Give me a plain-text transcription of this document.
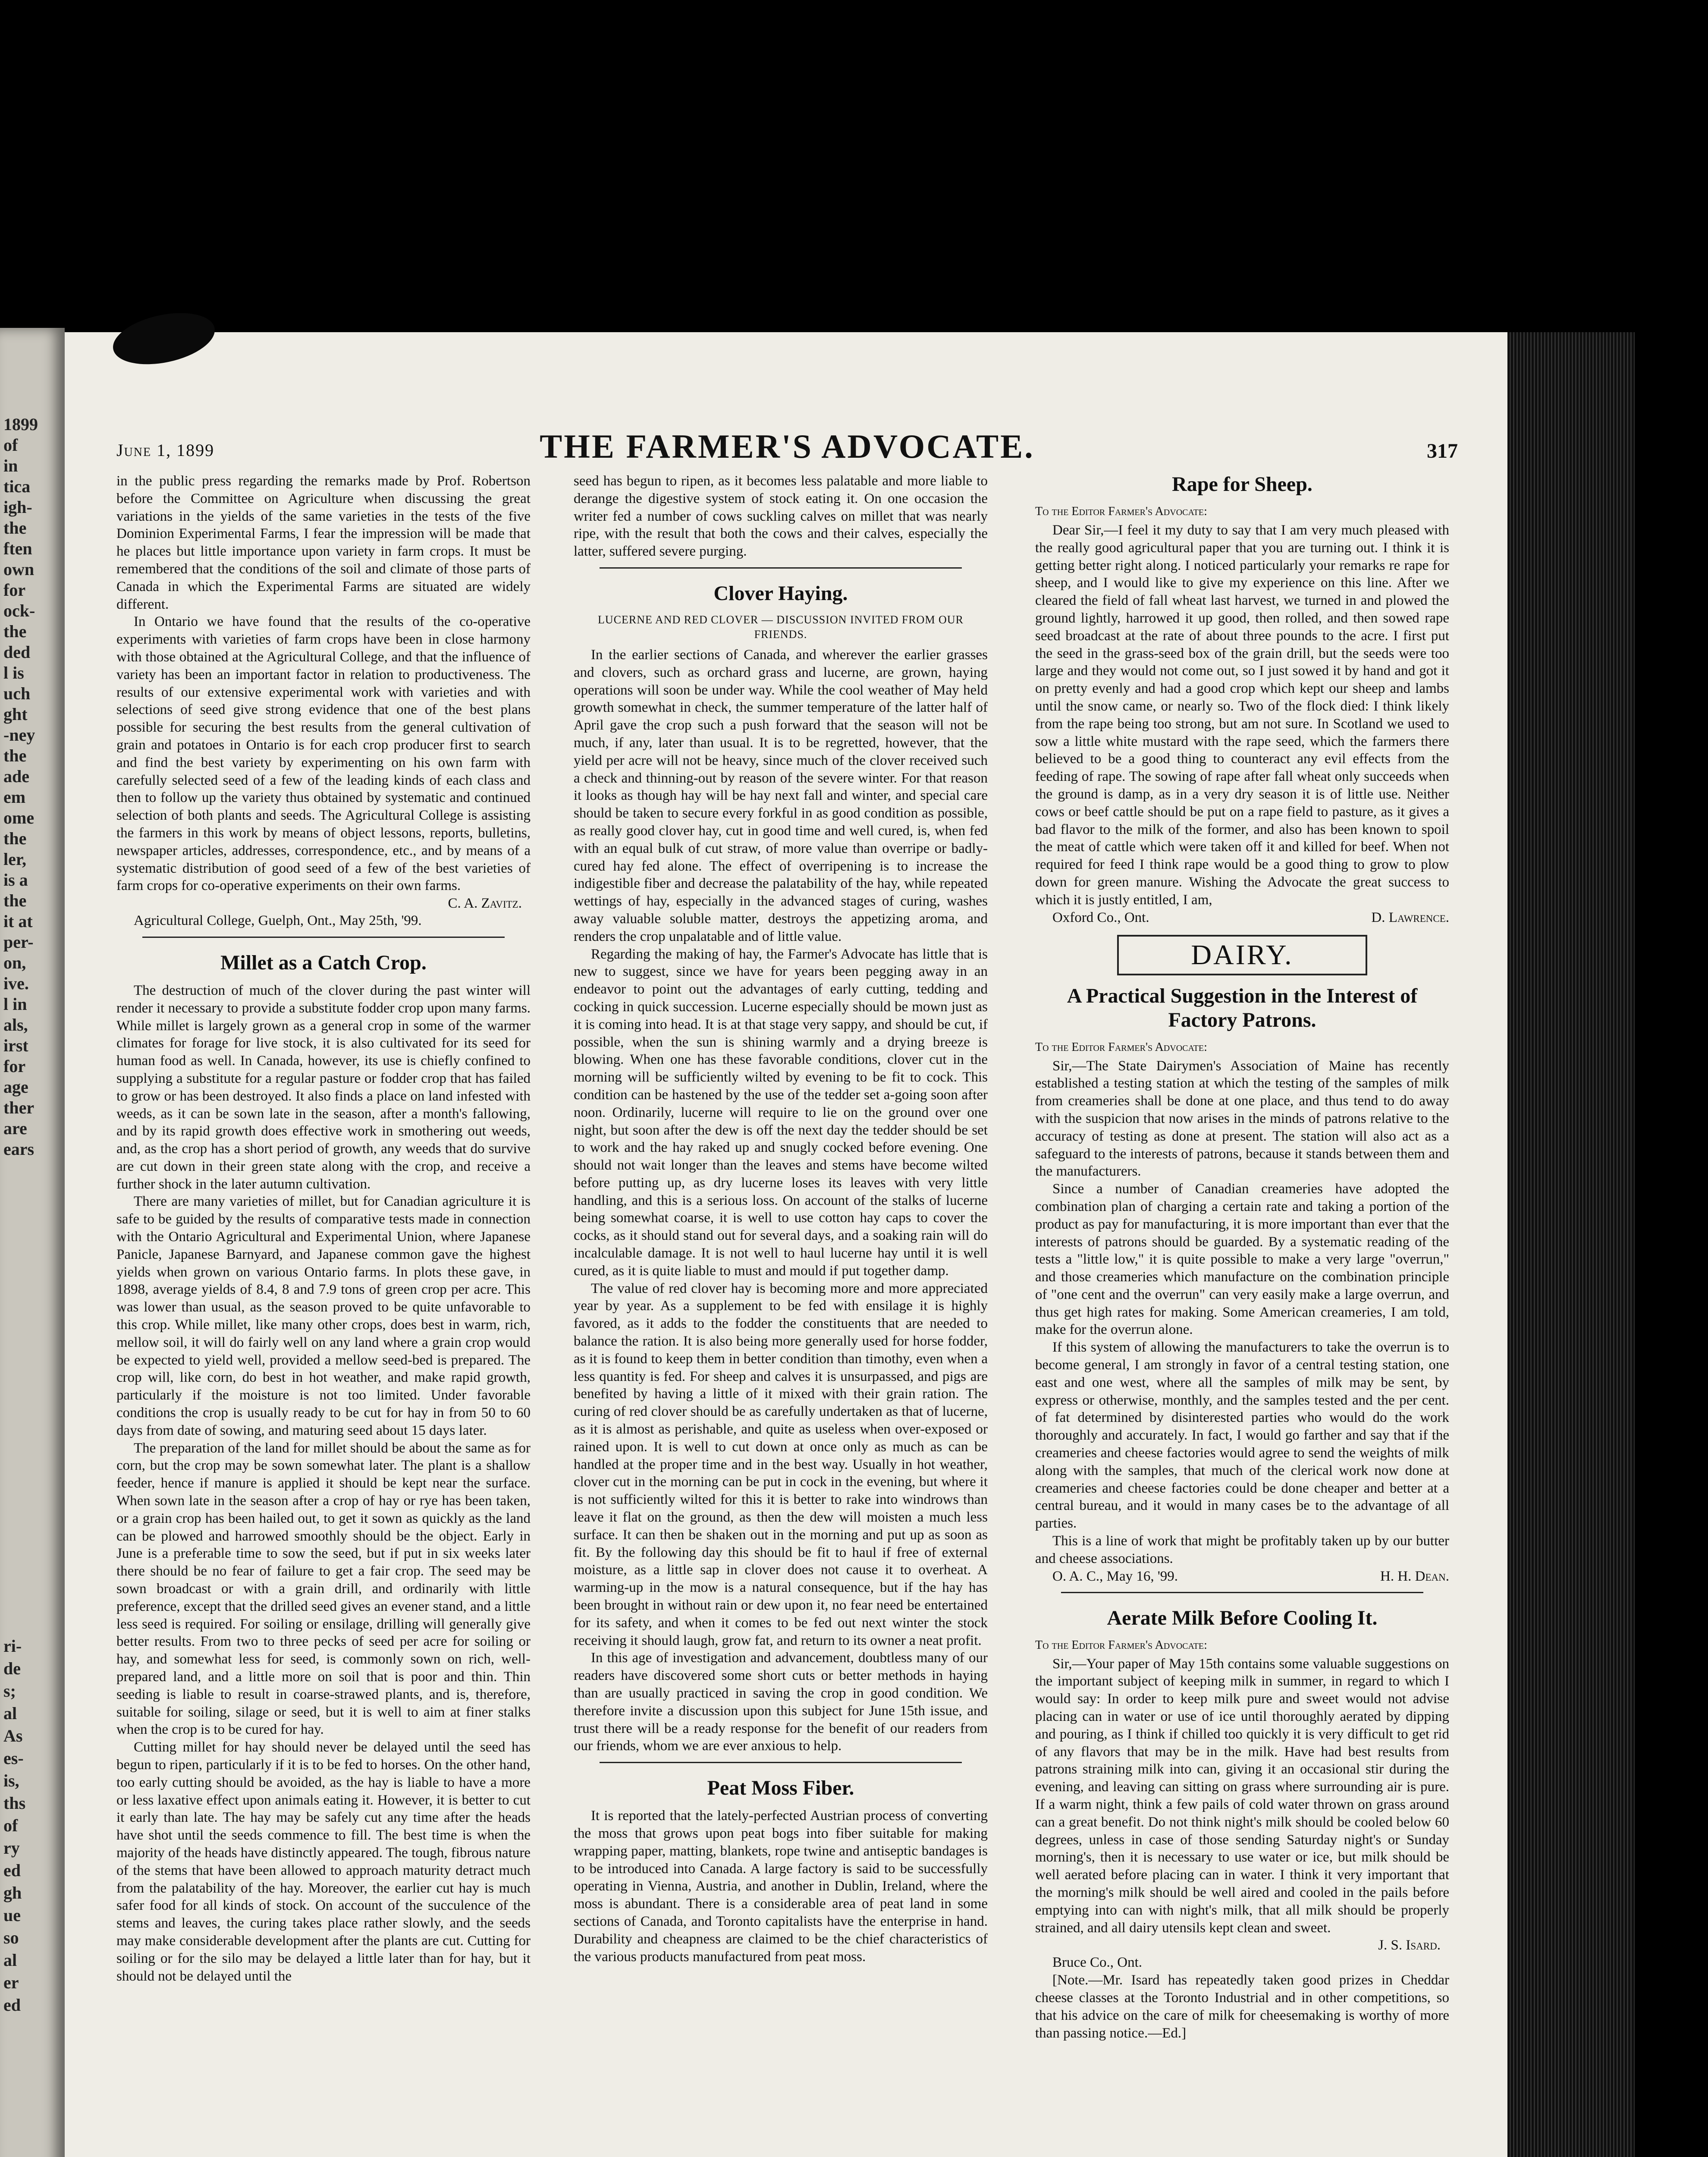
1899
of
in
tica
igh-
the
ften
own
for
ock-
the
ded
l is
uch
ght
-ney
the
ade
em
ome
the
ler,
is a
the
it at
per-
on,
ive.
l in
als,
irst
for
age
ther
are
ears
ri-
de
s;
al
As
es-
is,
ths
of
ry
ed
gh
ue
so
al
er
ed
June 1, 1899	THE FARMER'S ADVOCATE.	317

in the public press regarding the remarks made by Prof. Robertson before the Committee on Agriculture when discussing the great variations in the yields of the same varieties in the tests of the five Dominion Experimental Farms, I fear the impression will be made that he places but little importance upon variety in farm crops. It must be remembered that the conditions of the soil and climate of those parts of Canada in which the Experimental Farms are situated are widely different.

In Ontario we have found that the results of the co-operative experiments with varieties of farm crops have been in close harmony with those obtained at the Agricultural College, and that the influence of variety has been an important factor in relation to productiveness. The results of our extensive experimental work with varieties and with selections of seed give strong evidence that one of the best plans possible for securing the best results from the general cultivation of grain and potatoes in Ontario is for each crop producer first to search and find the best variety by experimenting on his own farm with carefully selected seed of a few of the leading kinds of each class and then to follow up the variety thus obtained by systematic and continued selection of both plants and seeds. The Agricultural College is assisting the farmers in this work by means of object lessons, reports, bulletins, newspaper articles, addresses, correspondence, etc., and by means of a systematic distribution of good seed of a few of the best varieties of farm crops for co-operative experiments on their own farms.

C. A. Zavitz.

Agricultural College, Guelph, Ont., May 25th, '99.

Millet as a Catch Crop.

The destruction of much of the clover during the past winter will render it necessary to provide a substitute fodder crop upon many farms. While millet is largely grown as a general crop in some of the warmer climates for forage for live stock, it is also cultivated for its seed for human food as well. In Canada, however, its use is chiefly confined to supplying a substitute for a regular pasture or fodder crop that has failed to grow or has been destroyed. It also finds a place on land infested with weeds, as it can be sown late in the season, after a month's fallowing, and by its rapid growth does effective work in smothering out weeds, and, as the crop has a short period of growth, any weeds that do survive are cut down in their green state along with the crop, and receive a further shock in the later autumn cultivation.

There are many varieties of millet, but for Canadian agriculture it is safe to be guided by the results of comparative tests made in connection with the Ontario Agricultural and Experimental Union, where Japanese Panicle, Japanese Barnyard, and Japanese common gave the highest yields when grown on various Ontario farms. In plots these gave, in 1898, average yields of 8.4, 8 and 7.9 tons of green crop per acre. This was lower than usual, as the season proved to be quite unfavorable to this crop. While millet, like many other crops, does best in warm, rich, mellow soil, it will do fairly well on any land where a grain crop would be expected to yield well, provided a mellow seed-bed is prepared. The crop will, like corn, do best in hot weather, and make rapid growth, particularly if the moisture is not too limited. Under favorable conditions the crop is usually ready to be cut for hay in from 50 to 60 days from date of sowing, and maturing seed about 15 days later.

The preparation of the land for millet should be about the same as for corn, but the crop may be sown somewhat later. The plant is a shallow feeder, hence if manure is applied it should be kept near the surface. When sown late in the season after a crop of hay or rye has been taken, or a grain crop has been hailed out, to get it sown as quickly as the land can be plowed and harrowed smoothly should be the object. Early in June is a preferable time to sow the seed, but if put in six weeks later there should be no fear of failure to get a fair crop. The seed may be sown broadcast or with a grain drill, and ordinarily with little preference, except that the drilled seed gives an evener stand, and a little less seed is required. For soiling or ensilage, drilling will generally give better results. From two to three pecks of seed per acre for soiling or hay, and somewhat less for seed, is commonly sown on rich, well-prepared land, and a little more on soil that is poor and thin. Thin seeding is liable to result in coarse-strawed plants, and is, therefore, suitable for soiling, silage or seed, but it is well to aim at finer stalks when the crop is to be cured for hay.

Cutting millet for hay should never be delayed until the seed has begun to ripen, particularly if it is to be fed to horses. On the other hand, too early cutting should be avoided, as the hay is liable to have a more or less laxative effect upon animals eating it. However, it is better to cut it early than late. The hay may be safely cut any time after the heads have shot until the seeds commence to fill. The best time is when the majority of the heads have distinctly appeared. The tough, fibrous nature of the stems that have been allowed to approach maturity detract much from the palatability of the hay. Moreover, the earlier cut hay is much safer food for all kinds of stock. On account of the succulence of the stems and leaves, the curing takes place rather slowly, and the seeds may make considerable development after the plants are cut. Cutting for soiling or for the silo may be delayed a little later than for hay, but it should not be delayed until the

seed has begun to ripen, as it becomes less palatable and more liable to derange the digestive system of stock eating it. On one occasion the writer fed a number of cows suckling calves on millet that was nearly ripe, with the result that both the cows and their calves, especially the latter, suffered severe purging.

Clover Haying.
LUCERNE AND RED CLOVER — DISCUSSION INVITED FROM OUR FRIENDS.

In the earlier sections of Canada, and wherever the earlier grasses and clovers, such as orchard grass and lucerne, are grown, haying operations will soon be under way. While the cool weather of May held growth somewhat in check, the summer temperature of the latter half of April gave the crop such a push forward that the season will not be much, if any, later than usual. It is to be regretted, however, that the yield per acre will not be heavy, since much of the clover received such a check and thinning-out by reason of the severe winter. For that reason it looks as though hay will be hay next fall and winter, and special care should be taken to secure every forkful in as good condition as possible, as really good clover hay, cut in good time and well cured, is, when fed with an equal bulk of cut straw, of more value than overripe or badly-cured hay fed alone. The effect of overripening is to increase the indigestible fiber and decrease the palatability of the hay, while repeated wettings of hay, especially in the advanced stages of curing, washes away valuable soluble matter, destroys the appetizing aroma, and renders the crop unpalatable and of little value.

Regarding the making of hay, the Farmer's Advocate has little that is new to suggest, since we have for years been pegging away in an endeavor to point out the advantages of early cutting, tedding and cocking in quick succession. Lucerne especially should be mown just as it is coming into head. It is at that stage very sappy, and should be cut, if possible, when the sun is shining warmly and a drying breeze is blowing. When one has these favorable conditions, clover cut in the morning will be sufficiently wilted by evening to be fit to cock. This condition can be hastened by the use of the tedder set a-going soon after noon. Ordinarily, lucerne will require to lie on the ground over one night, but soon after the dew is off the next day the tedder should be set to work and the hay raked up and snugly cocked before evening. One should not wait longer than the leaves and stems have become wilted before putting up, as dry lucerne loses its leaves with very little handling, and this is a serious loss. On account of the stalks of lucerne being somewhat coarse, it is well to use cotton hay caps to cover the cocks, as it should stand out for several days, and a soaking rain will do incalculable damage. It is not well to haul lucerne hay until it is well cured, as it is quite liable to must and mould if put together damp.

The value of red clover hay is becoming more and more appreciated year by year. As a supplement to be fed with ensilage it is highly favored, as it adds to the fodder the constituents that are needed to balance the ration. It is also being more generally used for horse fodder, as it is found to keep them in better condition than timothy, even when a less quantity is fed. For sheep and calves it is unsurpassed, and pigs are benefited by having a little of it mixed with their grain ration. The curing of red clover should be as carefully undertaken as that of lucerne, as it is almost as perishable, and quite as useless when over-exposed or rained upon. It is well to cut down at once only as much as can be handled at the proper time and in the best way. Usually in hot weather, clover cut in the morning can be put in cock in the evening, but where it is not sufficiently wilted for this it is better to rake into windrows than leave it flat on the ground, as then the dew will moisten a much less surface. It can then be shaken out in the morning and put up as soon as fit. By the following day this should be fit to haul if free of external moisture, as a little sap in clover does not cause it to overheat. A warming-up in the mow is a natural consequence, but if the hay has been brought in without rain or dew upon it, no fear need be entertained for its safety, and when it comes to be fed out next winter the stock receiving it should laugh, grow fat, and return to its owner a neat profit.

In this age of investigation and advancement, doubtless many of our readers have discovered some short cuts or better methods in haying than are usually practiced in saving the crop in good condition. We therefore invite a discussion upon this subject for June 15th issue, and trust there will be a ready response for the benefit of our readers from our friends, whom we are ever anxious to help.

Peat Moss Fiber.

It is reported that the lately-perfected Austrian process of converting the moss that grows upon peat bogs into fiber suitable for making wrapping paper, matting, blankets, rope twine and antiseptic bandages is to be introduced into Canada. A large factory is said to be successfully operating in Vienna, Austria, and another in Dublin, Ireland, where the moss is abundant. There is a considerable area of peat land in some sections of Canada, and Toronto capitalists have the enterprise in hand. Durability and cheapness are claimed to be the chief characteristics of the various products manufactured from peat moss.

Rape for Sheep.
To the Editor Farmer's Advocate:

Dear Sir,—I feel it my duty to say that I am very much pleased with the really good agricultural paper that you are turning out. I think it is getting better right along. I noticed particularly your remarks re rape for sheep, and I would like to give my experience on this line. After we cleared the field of fall wheat last harvest, we turned in and plowed the ground lightly, harrowed it up good, then rolled, and then sowed rape seed broadcast at the rate of about three pounds to the acre. I first put the seed in the grass-seed box of the grain drill, but the seeds were too large and they would not come out, so I just sowed it by hand and got it on pretty evenly and had a good crop which kept our sheep and lambs until the snow came, or nearly so. Two of the flock died: I think likely from the rape being too strong, but am not sure. In Scotland we used to sow a little white mustard with the rape seed, which the farmers there believed to be a good thing to counteract any evil effects from the feeding of rape. The sowing of rape after fall wheat only succeeds when the ground is damp, as in a very dry season it is of little use. Neither cows or beef cattle should be put on a rape field to pasture, as it gives a bad flavor to the milk of the former, and also has been known to spoil the meat of cattle which were taken off it and killed for beef. When not required for feed I think rape would be a good thing to grow to plow down for green manure. Wishing the Advocate the great success to which it is justly entitled, I am,

Oxford Co., Ont.	D. Lawrence.
DAIRY.
A Practical Suggestion in the Interest of Factory Patrons.
To the Editor Farmer's Advocate:

Sir,—The State Dairymen's Association of Maine has recently established a testing station at which the testing of the samples of milk from creameries shall be done at one place, and thus tend to do away with the suspicion that now arises in the minds of patrons relative to the accuracy of testing as done at present. The station will also act as a safeguard to the interests of patrons, because it stands between them and the manufacturers.

Since a number of Canadian creameries have adopted the combination plan of charging a certain rate and taking a portion of the product as pay for manufacturing, it is more important than ever that the interests of patrons should be guarded. By a systematic reading of the tests a "little low," it is quite possible to make a very large "overrun," and those creameries which manufacture on the combination principle of "one cent and the overrun" can very easily make a large overrun, and thus get high rates for making. Some American creameries, I am told, make for the overrun alone.

If this system of allowing the manufacturers to take the overrun is to become general, I am strongly in favor of a central testing station, one east and one west, where all the samples of milk may be sent, by express or otherwise, monthly, and the samples tested and the per cent. of fat determined by disinterested parties who would do the work thoroughly and accurately. In fact, I would go farther and say that if the creameries and cheese factories would agree to send the weights of milk along with the samples, that much of the clerical work now done at creameries and cheese factories could be done cheaper and better at a central bureau, and it would in many cases be to the advantage of all parties.

This is a line of work that might be profitably taken up by our butter and cheese associations.

O. A. C., May 16, '99.	H. H. Dean.
Aerate Milk Before Cooling It.
To the Editor Farmer's Advocate:

Sir,—Your paper of May 15th contains some valuable suggestions on the important subject of keeping milk in summer, in regard to which I would say: In order to keep milk pure and sweet would not advise placing can in water or use of ice until thoroughly aerated by dipping and pouring, as I think if chilled too quickly it is very difficult to get rid of any flavors that may be in the milk. Have had best results from patrons straining milk into can, giving it an occasional stir during the evening, and leaving can sitting on grass where surrounding air is pure. If a warm night, think a few pails of cold water thrown on grass around can a great benefit. Do not think night's milk should be cooled below 60 degrees, unless in case of those sending Saturday night's or Sunday morning's, then it is necessary to use water or ice, but milk should be well aerated before placing can in water. I think it very important that the morning's milk should be well aired and cooled in the pails before emptying into can with night's milk, that all milk should be properly strained, and all dairy utensils kept clean and sweet.

J. S. Isard.

Bruce Co., Ont.

[Note.—Mr. Isard has repeatedly taken good prizes in Cheddar cheese classes at the Toronto Industrial and in other competitions, so that his advice on the care of milk for cheesemaking is worthy of more than passing notice.—Ed.]
